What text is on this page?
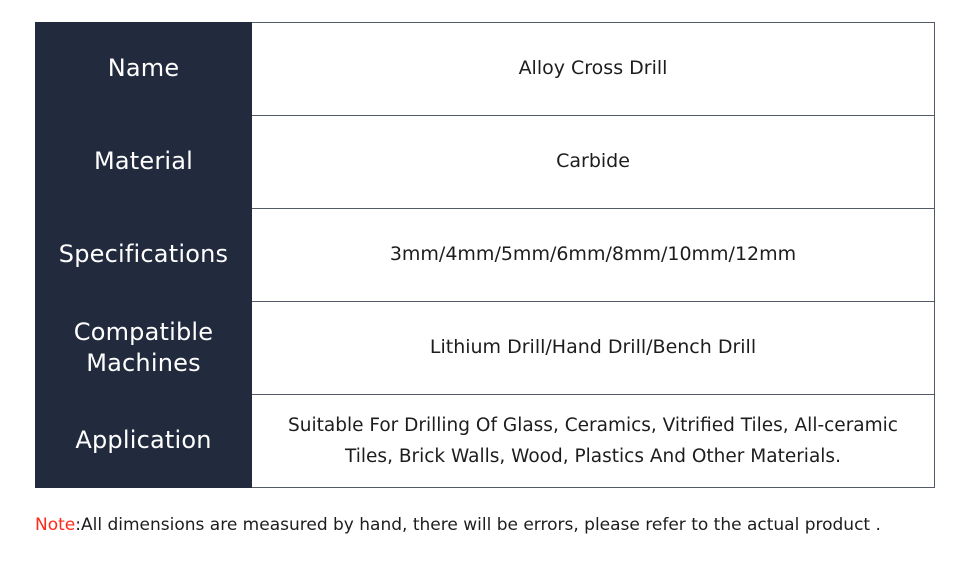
Name	Alloy Cross Drill

Material	Carbide

Specifications	3mm/4mm/5mm/6mm/8mm/10mm/12mm

Compatible Machines	Lithium Drill/Hand Drill/Bench Drill

Application	Suitable For Drilling Of Glass, Ceramics, Vitrified Tiles, All-ceramic Tiles, Brick Walls, Wood, Plastics And Other Materials.
Note:All dimensions are measured by hand, there will be errors, please refer to the actual product .
